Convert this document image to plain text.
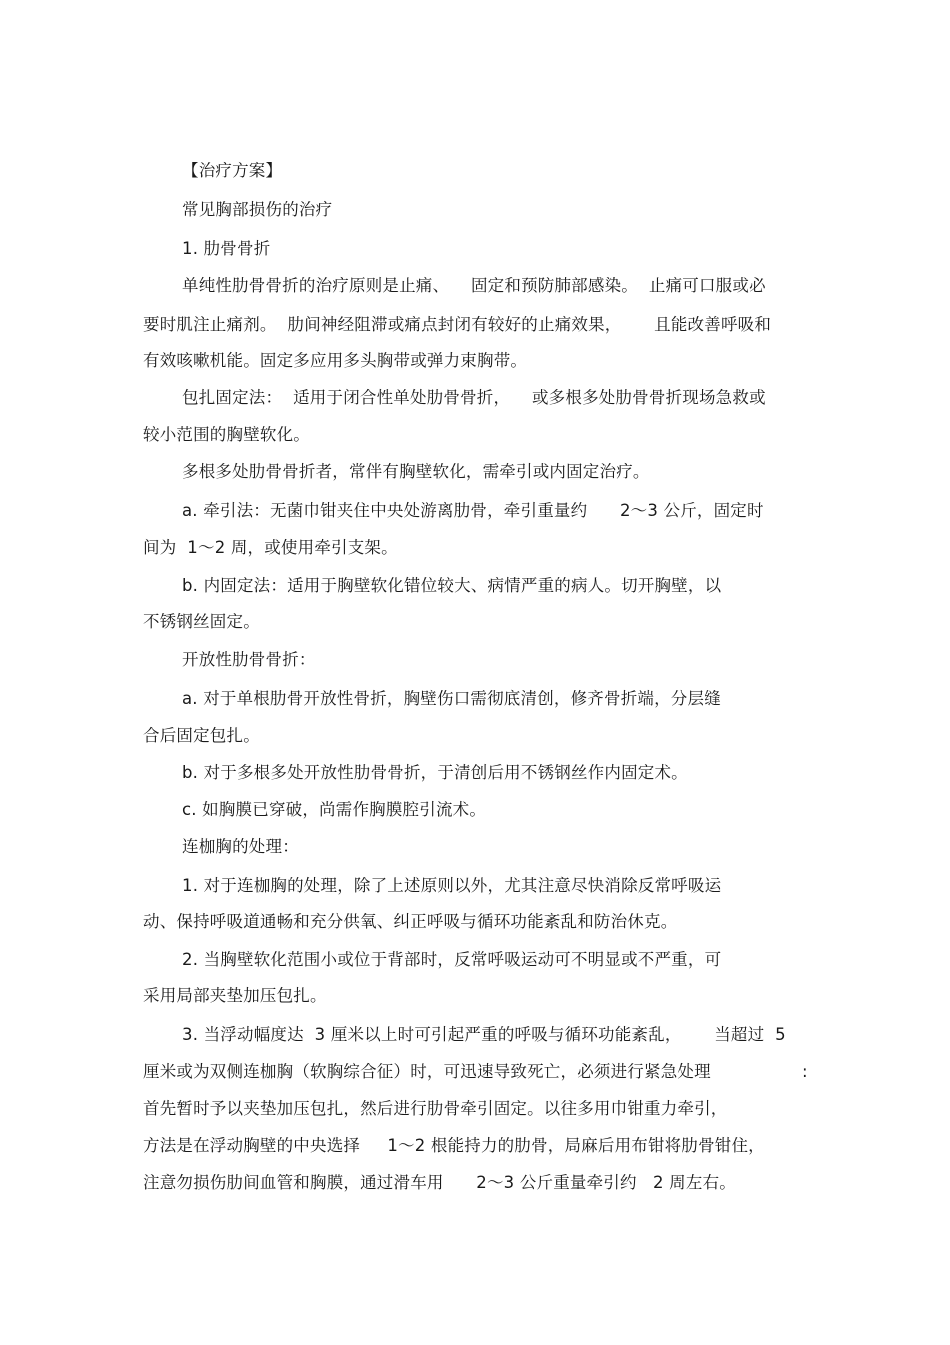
【治疗方案】
常见胸部损伤的治疗
1. 肋骨骨折
单纯性肋骨骨折的治疗原则是止痛、    固定和预防肺部感染。  止痛可口服或必
要时肌注止痛剂。  肋间神经阻滞或痛点封闭有较好的止痛效果，      且能改善呼吸和
有效咳嗽机能。固定多应用多头胸带或弹力束胸带。
包扎固定法：  适用于闭合性单处肋骨骨折，    或多根多处肋骨骨折现场急救或
较小范围的胸壁软化。
多根多处肋骨骨折者，常伴有胸壁软化，需牵引或内固定治疗。
a. 牵引法：无菌巾钳夹住中央处游离肋骨，牵引重量约      2～3 公斤，固定时
间为  1～2 周，或使用牵引支架。
b. 内固定法：适用于胸壁软化错位较大、病情严重的病人。切开胸壁，以
不锈钢丝固定。
开放性肋骨骨折：
a. 对于单根肋骨开放性骨折，胸壁伤口需彻底清创，修齐骨折端，分层缝
合后固定包扎。
b. 对于多根多处开放性肋骨骨折，于清创后用不锈钢丝作内固定术。
c. 如胸膜已穿破，尚需作胸膜腔引流术。
连枷胸的处理：
1. 对于连枷胸的处理，除了上述原则以外，尤其注意尽快消除反常呼吸运
动、保持呼吸道通畅和充分供氧、纠正呼吸与循环功能紊乱和防治休克。
2. 当胸壁软化范围小或位于背部时，反常呼吸运动可不明显或不严重，可
采用局部夹垫加压包扎。
3. 当浮动幅度达  3 厘米以上时可引起严重的呼吸与循环功能紊乱，      当超过  5
厘米或为双侧连枷胸（软胸综合征）时，可迅速导致死亡，必须进行紧急处理	:
首先暂时予以夹垫加压包扎，然后进行肋骨牵引固定。以往多用巾钳重力牵引，
方法是在浮动胸壁的中央选择     1～2 根能持力的肋骨，局麻后用布钳将肋骨钳住，
注意勿损伤肋间血管和胸膜，通过滑车用      2～3 公斤重量牵引约   2 周左右。
